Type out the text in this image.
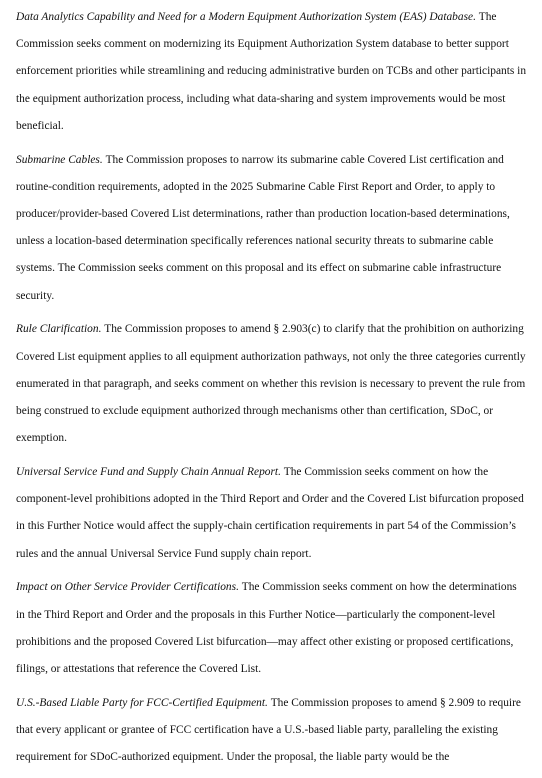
Data Analytics Capability and Need for a Modern Equipment Authorization System (EAS) Database. The Commission seeks comment on modernizing its Equipment Authorization System database to better support enforcement priorities while streamlining and reducing administrative burden on TCBs and other participants in the equipment authorization process, including what data-sharing and system improvements would be most beneficial.

Submarine Cables. The Commission proposes to narrow its submarine cable Covered List certification and routine-condition requirements, adopted in the 2025 Submarine Cable First Report and Order, to apply to producer/provider-based Covered List determinations, rather than production location-based determinations, unless a location-based determination specifically references national security threats to submarine cable systems. The Commission seeks comment on this proposal and its effect on submarine cable infrastructure security.

Rule Clarification. The Commission proposes to amend § 2.903(c) to clarify that the prohibition on authorizing Covered List equipment applies to all equipment authorization pathways, not only the three categories currently enumerated in that paragraph, and seeks comment on whether this revision is necessary to prevent the rule from being construed to exclude equipment authorized through mechanisms other than certification, SDoC, or exemption.

Universal Service Fund and Supply Chain Annual Report. The Commission seeks comment on how the component-level prohibitions adopted in the Third Report and Order and the Covered List bifurcation proposed in this Further Notice would affect the supply-chain certification requirements in part 54 of the Commission’s rules and the annual Universal Service Fund supply chain report.

Impact on Other Service Provider Certifications. The Commission seeks comment on how the determinations in the Third Report and Order and the proposals in this Further Notice—particularly the component-level prohibitions and the proposed Covered List bifurcation—may affect other existing or proposed certifications, filings, or attestations that reference the Covered List.

U.S.-Based Liable Party for FCC-Certified Equipment. The Commission proposes to amend § 2.909 to require that every applicant or grantee of FCC certification have a U.S.-based liable party, paralleling the existing requirement for SDoC-authorized equipment. Under the proposal, the liable party would be the
